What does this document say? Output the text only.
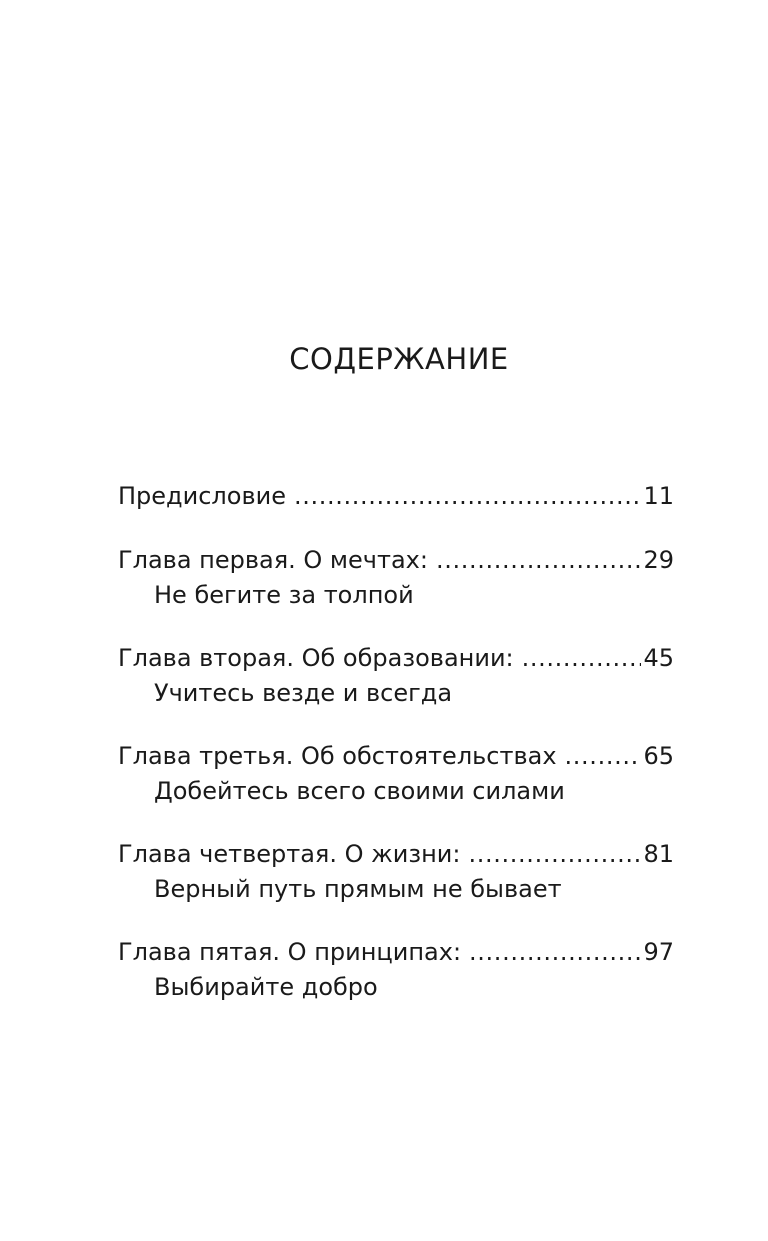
СОДЕРЖАНИЕ
Предисловие . . .	11
Глава первая. О мечтах: . . .	29
Не бегите за толпой
Глава вторая. Об образовании: . . .	45
Учитесь везде и всегда
Глава третья. Об обстоятельствах . . .	65
Добейтесь всего своими силами
Глава четвертая. О жизни: . . .	81
Верный путь прямым не бывает
Глава пятая. О принципах: . . .	97
Выбирайте добро
